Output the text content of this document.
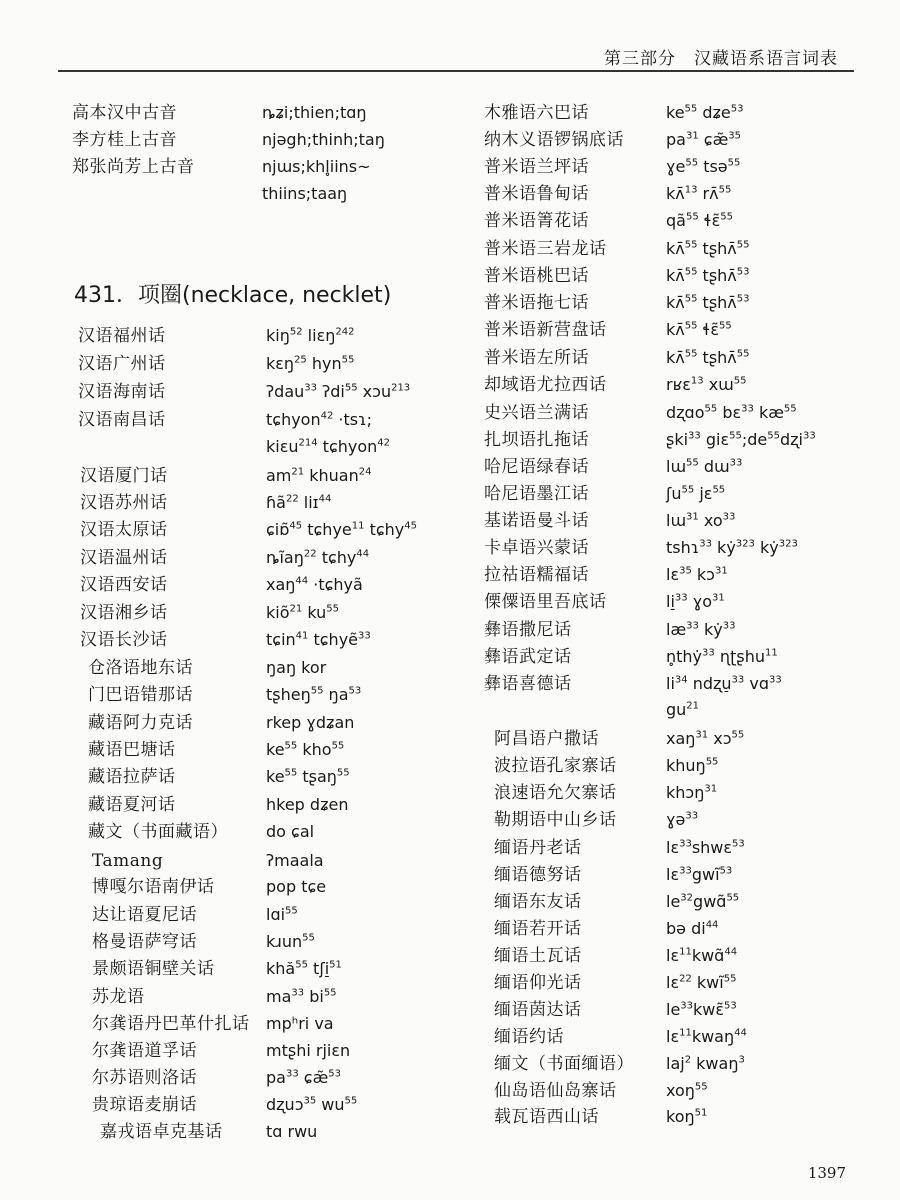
第三部分　汉藏语系语言词表
高本汉中古音	ȵʑi;thien;tɑŋ
李方桂上古音	njəgh;thinh;taŋ
郑张尚芳上古音	njɯs;khl̥iins~
thiins;taaŋ
汉语福州话	kiŋ$^{52}$ liɛŋ$^{242}$
汉语广州话	kɛŋ$^{25}$ hyn$^{55}$
汉语海南话	ʔdau$^{33}$ ʔdi$^{55}$ xɔu$^{213}$
汉语南昌话	tɕhyon$^{42}$ ·tsɿ;
kiɛu$^{214}$ tɕhyon$^{42}$
汉语厦门话	$am^{21}$ khuan$^{24}$
汉语苏州话	ɦã$^{22}$ liɪ$^{44}$
汉语太原话	ɕiɒ̃$^{45}$ tɕhye$^{11}$ tɕhy$^{45}$
汉语温州话	ȵĩaŋ$^{22}$ tɕhy$^{44}$
汉语西安话	xaŋ$^{44}$ ·tɕhyã
汉语湘乡话	kiõ$^{21}$ $ku^{55}$
汉语长沙话	tɕin$^{41}$ tɕhyẽ$^{33}$
仓洛语地东话	ŋaŋ kor
门巴语错那话	tʂheŋ$^{55}$ $ŋa^{53}$
藏语阿力克话	rkep ɣdʑan
藏语巴塘话	$ke^{55}$ kho$^{55}$
藏语拉萨话	$ke^{55}$ tʂaŋ$^{55}$
藏语夏河话	hkep dʑen
藏文（书面藏语） do ɕal
Tamang	ʔmaala
博嘎尔语南伊话	pop tɕe
达让语夏尼话	lɑi$^{55}$
格曼语萨穹话	kɹun$^{55}$
景颇语铜壁关话	khă$^{55}$ tʃi̠$^{51}$
苏龙语	$ma^{33}$ $bi^{55}$
尔龚语丹巴革什扎话 mpʰri va
尔龚语道孚话	mtʂhi rjiɛn
尔苏语则洛话	$pa^{33}$ ɕæ̃$^{53}$
贵琼语麦崩话	dʐuɔ$^{35}$ $wu^{55}$
嘉戎语卓克基话	tɑ rwu
431．项圈(necklace, necklet)
木雅语六巴话	$ke^{55}$ dʑe$^{53}$
纳木义语锣锅底话	$pa^{31}$ ɕæ̃$^{35}$
普米语兰坪话	ɣe$^{55}$ tsə$^{55}$
普米语鲁甸话	kʌ̄$^{13}$ rʌ̄$^{55}$
普米语箐花话	$qã^{55}$ ɬɛ̃$^{55}$
普米语三岩龙话	kʌ̄$^{55}$ tʂhʌ̄$^{55}$
普米语桃巴话	kʌ̄$^{55}$ tʂhʌ̄$^{53}$
普米语拖七话	kʌ̄$^{55}$ tʂhʌ̄$^{53}$
普米语新营盘话	kʌ̄$^{55}$ ɬɛ̃$^{55}$
普米语左所话	kʌ̄$^{55}$ tʂhʌ̄$^{55}$
却域语尤拉西话	rʁɛ$^{13}$ xɯ$^{55}$
史兴语兰满话	dʐɑo$^{55}$ bɛ$^{33}$ $kæ^{55}$
扎坝语扎拖话	ʂki$^{33}$ $giɛ^{55};de^{55}dʐi^{33}$
哈尼语绿春话	lɯ$^{55}$ dɯ$^{33}$
哈尼语墨江话	ʃu$^{55}$ jɛ$^{55}$
基诺语曼斗话	lɯ$^{31}$ $xo^{33}$
卡卓语兴蒙话	tshɿ$^{33}$ kẏ$^{323}$ kẏ$^{323}$
拉祜语糯福话	lɛ$^{35}$ kɔ$^{31}$
傈僳语里吾底话	li̠$^{33}$ ɣo$^{31}$
彝语撒尼话	$læ^{33}$ kẏ$^{33}$
彝语武定话	n̥thẏ$^{33}$ ɳʈʂhu$^{11}$
彝语喜德话	$li^{34}$ ndʐu̠$^{33}$ vɑ$^{33}$
$gu^{21}$
阿昌语户撒话	xaŋ$^{31}$ xɔ$^{55}$
波拉语孔家寨话	khuŋ$^{55}$
浪速语允欠寨话	khɔŋ$^{31}$
勒期语中山乡话	ɣə$^{33}$
缅语丹老话	lɛ$^{33}$shwɛ$^{53}$
缅语德努话	lɛ$^{33}$gwĩ$^{53}$
缅语东友话	$le^{32}gwɑ̃^{55}$
缅语若开话	bə $di^{44}$
缅语土瓦话	lɛ$^{11}$kwɑ̃$^{44}$
缅语仰光话	lɛ$^{22}$ kwĩ$^{55}$
缅语茵达话	$le^{33}kwɛ̃^{53}$
缅语约话	lɛ$^{11}$kwaŋ$^{44}$
缅文（书面缅语） laj$^2$ kwaŋ$^3$
仙岛语仙岛寨话	xoŋ$^{55}$
载瓦语西山话	koŋ$^{51}$
1397
